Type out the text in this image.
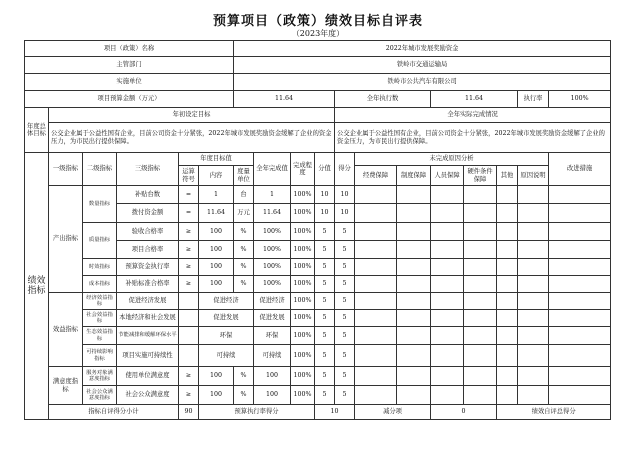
预算项目（政策）绩效目标自评表
（2023年度）
项目（政策）名称						2022年城市发展奖励资金												
主管部门						铁岭市交通运输局												
实施单位						铁岭市公共汽车有限公司												
项目预算金额（万元）						11.64				全年执行数			11.64			执行率	100%	
年度总体目标	年初设定目标									全年实际完成情况								
	公交企业属于公益性国有企业，目前公司资金十分紧张，2022年城市发展奖励资金缓解了企业的资金压力，为市民出行提供保障。									公交企业属于公益性国有企业，目前公司资金十分紧张，2022年城市发展奖励资金缓解了企业的资金压力，为市民出行提供保障。								
绩效指标	一级指标	二级指标	三级指标	年度目标值			全年完成值	完成程度	分值	得分	未完成原因分析						改进措施	
				运算符号	内容	度量单位					经费保障	制度保障	人员保障	硬件条件保障	其他	原因说明		
	产出指标	数量指标	补贴台数	=	1	台	1	100%	10	10								
			拨付资金额	=	11.64	万元	11.64	100%	10	10								
		质量指标	验收合格率	≥	100	%	100%	100%	5	5								
			项目合格率	≥	100	%	100%	100%	5	5								
		时效指标	预算资金执行率	≥	100	%	100%	100%	5	5								
		成本指标	补贴标准合格率	≥	100	%	100%	100%	5	5								
	效益指标	经济效益指标	促进经济发展		促进经济		促进经济	100%	5	5								
		社会效益指标	本地经济和社会发展		促进发展		促进发展	100%	5	5								
		生态效益指标	节能减排和缓解环保水平		环保		环保	100%	5	5								
		可持续影响指标	项目实施可持续性		可持续		可持续	100%	5	5								
	满意度指标	服务对象满意度指标	使用单位满意度	≥	100	%	100	100%	5	5								
		社会公众满意度指标	社会公众满意度	≥	100	%	100	100%	5	5								
	指标自评得分小计			90	预算执行率得分				10		减分项		0		绩效自评总得分	
